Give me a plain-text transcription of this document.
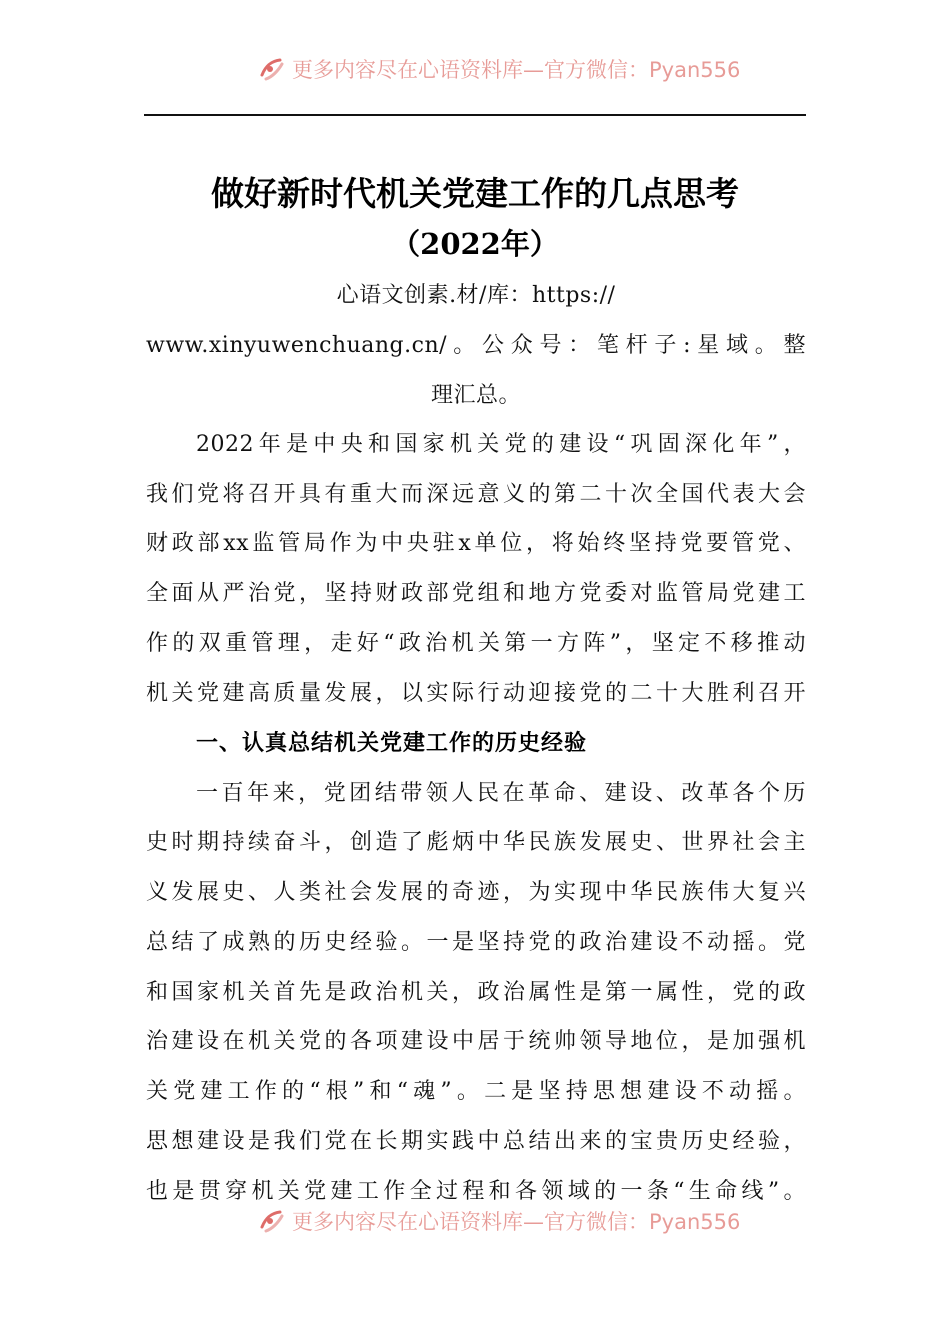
更多内容尽在心语资料库—官方微信：Pyan556
做好新时代机关党建工作的几点思考
（2022年）
心语文创素.材/库：https://
www.xinyuwenchuang.cn/。公众号：笔杆子:星域。整
理汇总。
2022年是中央和国家机关党的建设“巩固深化年”，
我们党将召开具有重大而深远意义的第二十次全国代表大会
财政部xx监管局作为中央驻x单位，将始终坚持党要管党、
全面从严治党，坚持财政部党组和地方党委对监管局党建工
作的双重管理，走好“政治机关第一方阵”，坚定不移推动
机关党建高质量发展，以实际行动迎接党的二十大胜利召开
一、认真总结机关党建工作的历史经验
一百年来，党团结带领人民在革命、建设、改革各个历
史时期持续奋斗，创造了彪炳中华民族发展史、世界社会主
义发展史、人类社会发展的奇迹，为实现中华民族伟大复兴
总结了成熟的历史经验。一是坚持党的政治建设不动摇。党
和国家机关首先是政治机关，政治属性是第一属性，党的政
治建设在机关党的各项建设中居于统帅领导地位，是加强机
关党建工作的“根”和“魂”。二是坚持思想建设不动摇。
思想建设是我们党在长期实践中总结出来的宝贵历史经验，
也是贯穿机关党建工作全过程和各领域的一条“生命线”。
更多内容尽在心语资料库—官方微信：Pyan556
